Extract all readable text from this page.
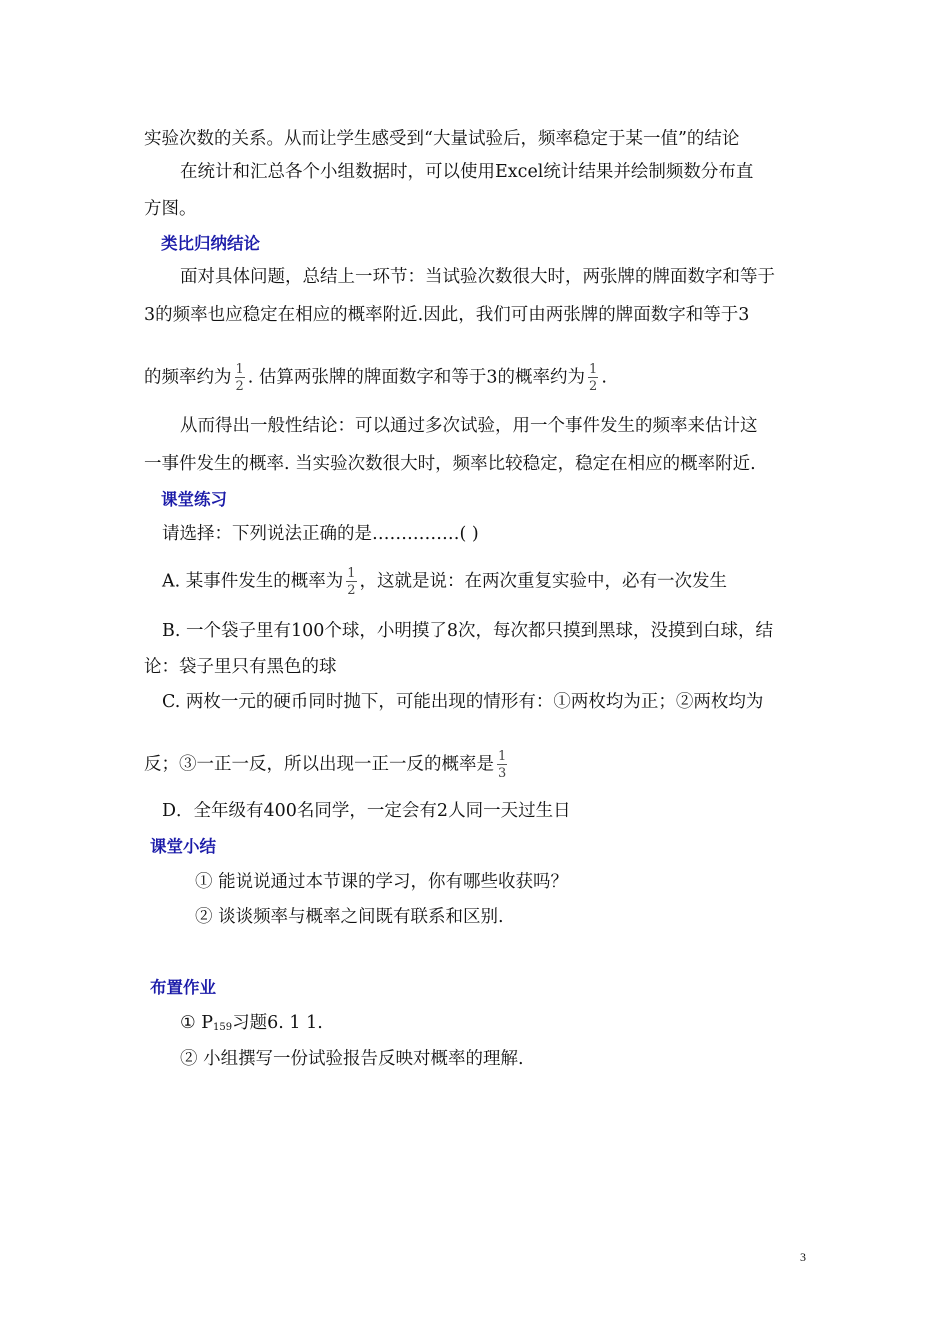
实验次数的关系。从而让学生感受到“大量试验后，频率稳定于某一值”的结论
在统计和汇总各个小组数据时，可以使用Excel统计结果并绘制频数分布直
方图。
类比归纳结论
面对具体问题，总结上一环节：当试验次数很大时，两张牌的牌面数字和等于
3的频率也应稳定在相应的概率附近.因此，我们可由两张牌的牌面数字和等于3
的频率约为 $\frac{1}{2}$ . 估算两张牌的牌面数字和等于3的概率约为 $\frac{1}{2}$ .
从而得出一般性结论：可以通过多次试验，用一个事件发生的频率来估计这
一事件发生的概率. 当实验次数很大时，频率比较稳定，稳定在相应的概率附近.
课堂练习
请选择：下列说法正确的是……………( )
A. 某事件发生的概率为 $\frac{1}{2}$ ，这就是说：在两次重复实验中，必有一次发生
B. 一个袋子里有100个球，小明摸了8次，每次都只摸到黑球，没摸到白球，结
论：袋子里只有黑色的球
C. 两枚一元的硬币同时抛下，可能出现的情形有：①两枚均为正；②两枚均为
反；③一正一反，所以出现一正一反的概率是 $\frac{1}{3}$
D．全年级有400名同学，一定会有2人同一天过生日
课堂小结
① 能说说通过本节课的学习，你有哪些收获吗？
② 谈谈频率与概率之间既有联系和区别.
布置作业
① $P_{159}$习题6. 1 1.
② 小组撰写一份试验报告反映对概率的理解.
3
